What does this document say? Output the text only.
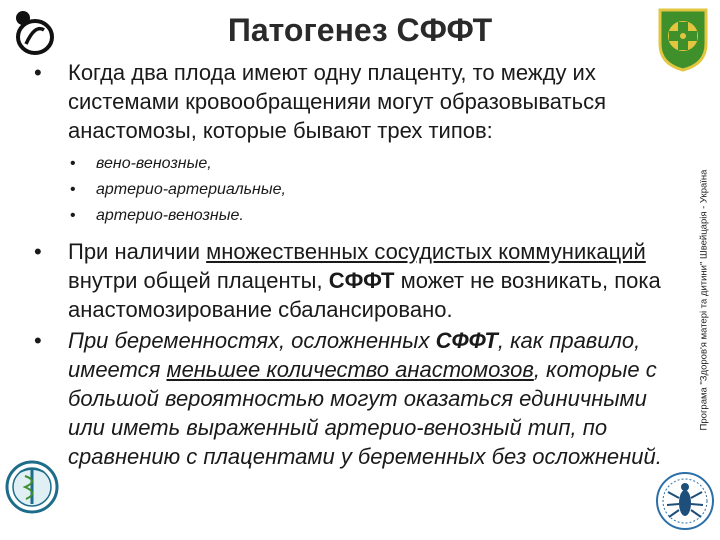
Патогенез СФФТ
Програма "Здоров'я матері та дитини" Швейцарія - Україна
• Когда два плода имеют одну плаценту, то между их системами кровообращенияи могут образовываться анастомозы, которые бывают трех типов:
• вено-венозные,
• артерио-артериальные,
• артерио-венозные.
• При наличии множественных сосудистых коммуникаций внутри общей плаценты, СФФТ может не возникать, пока анастомозирование сбалансировано.
• При беременностях, осложненных СФФТ, как правило, имеется меньшее количество анастомозов, которые с большой вероятностью могут оказаться единичными или иметь выраженный артерио-венозный тип, по сравнению с плацентами у беременных без осложнений.
